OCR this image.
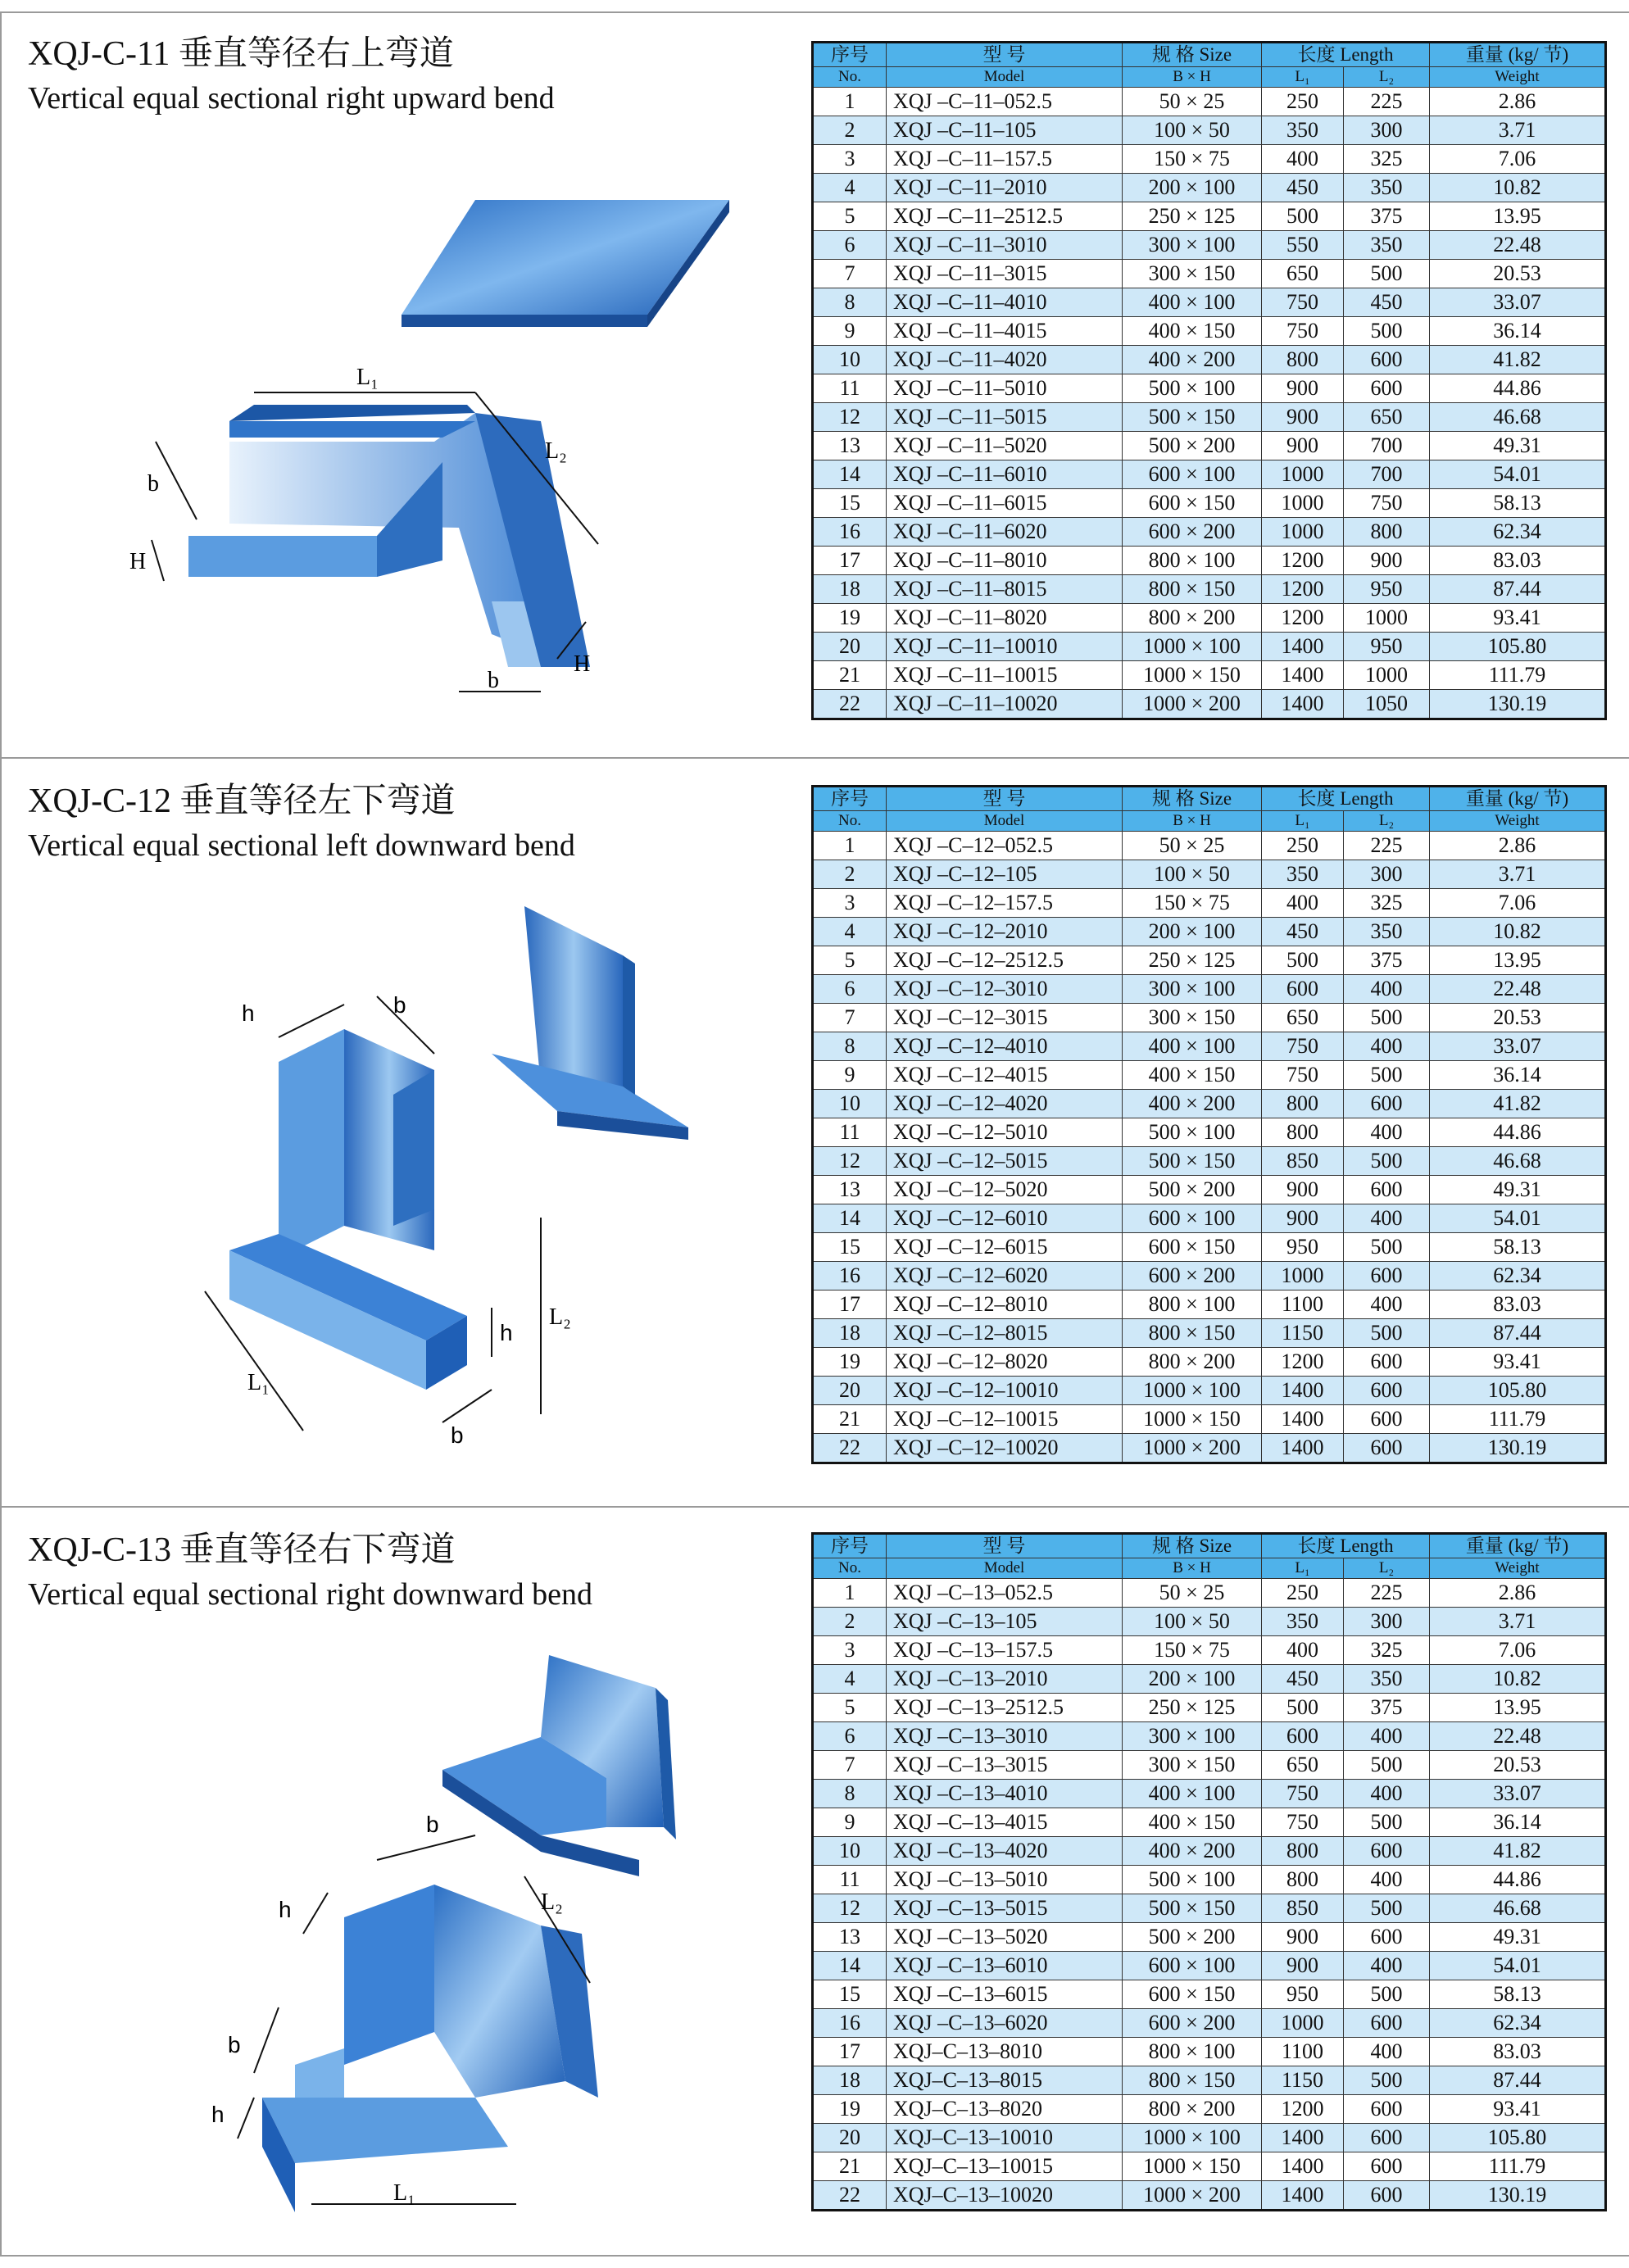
XQJ-C-11 垂直等径右上弯道
Vertical equal sectional right upward bend
L₁
L₂
b
H
b
H
序号	型 号	规 格 Size	长度 Length		重量 (kg/ 节)
No.	Model	B × H	L₁	L₂	Weight
1	XQJ –C–11–052.5	50 × 25	250	225	2.86
2	XQJ –C–11–105	100 × 50	350	300	3.71
3	XQJ –C–11–157.5	150 × 75	400	325	7.06
4	XQJ –C–11–2010	200 × 100	450	350	10.82
5	XQJ –C–11–2512.5	250 × 125	500	375	13.95
6	XQJ –C–11–3010	300 × 100	550	350	22.48
7	XQJ –C–11–3015	300 × 150	650	500	20.53
8	XQJ –C–11–4010	400 × 100	750	450	33.07
9	XQJ –C–11–4015	400 × 150	750	500	36.14
10	XQJ –C–11–4020	400 × 200	800	600	41.82
11	XQJ –C–11–5010	500 × 100	900	600	44.86
12	XQJ –C–11–5015	500 × 150	900	650	46.68
13	XQJ –C–11–5020	500 × 200	900	700	49.31
14	XQJ –C–11–6010	600 × 100	1000	700	54.01
15	XQJ –C–11–6015	600 × 150	1000	750	58.13
16	XQJ –C–11–6020	600 × 200	1000	800	62.34
17	XQJ –C–11–8010	800 × 100	1200	900	83.03
18	XQJ –C–11–8015	800 × 150	1200	950	87.44
19	XQJ –C–11–8020	800 × 200	1200	1000	93.41
20	XQJ –C–11–10010	1000 × 100	1400	950	105.80
21	XQJ –C–11–10015	1000 × 150	1400	1000	111.79
22	XQJ –C–11–10020	1000 × 200	1400	1050	130.19
XQJ-C-12 垂直等径左下弯道
Vertical equal sectional left downward bend
h	b
L₂
L₁
b
h
序号	型 号	规 格 Size	长度 Length		重量 (kg/ 节)
No.	Model	B × H	L₁	L₂	Weight
1	XQJ –C–12–052.5	50 × 25	250	225	2.86
2	XQJ –C–12–105	100 × 50	350	300	3.71
3	XQJ –C–12–157.5	150 × 75	400	325	7.06
4	XQJ –C–12–2010	200 × 100	450	350	10.82
5	XQJ –C–12–2512.5	250 × 125	500	375	13.95
6	XQJ –C–12–3010	300 × 100	600	400	22.48
7	XQJ –C–12–3015	300 × 150	650	500	20.53
8	XQJ –C–12–4010	400 × 100	750	400	33.07
9	XQJ –C–12–4015	400 × 150	750	500	36.14
10	XQJ –C–12–4020	400 × 200	800	600	41.82
11	XQJ –C–12–5010	500 × 100	800	400	44.86
12	XQJ –C–12–5015	500 × 150	850	500	46.68
13	XQJ –C–12–5020	500 × 200	900	600	49.31
14	XQJ –C–12–6010	600 × 100	900	400	54.01
15	XQJ –C–12–6015	600 × 150	950	500	58.13
16	XQJ –C–12–6020	600 × 200	1000	600	62.34
17	XQJ –C–12–8010	800 × 100	1100	400	83.03
18	XQJ –C–12–8015	800 × 150	1150	500	87.44
19	XQJ –C–12–8020	800 × 200	1200	600	93.41
20	XQJ –C–12–10010	1000 × 100	1400	600	105.80
21	XQJ –C–12–10015	1000 × 150	1400	600	111.79
22	XQJ –C–12–10020	1000 × 200	1400	600	130.19
XQJ-C-13 垂直等径右下弯道
Vertical equal sectional right downward bend
b
L₂
h
b
h
L₁
序号	型 号	规 格 Size	长度 Length		重量 (kg/ 节)
No.	Model	B × H	L₁	L₂	Weight
1	XQJ –C–13–052.5	50 × 25	250	225	2.86
2	XQJ –C–13–105	100 × 50	350	300	3.71
3	XQJ –C–13–157.5	150 × 75	400	325	7.06
4	XQJ –C–13–2010	200 × 100	450	350	10.82
5	XQJ –C–13–2512.5	250 × 125	500	375	13.95
6	XQJ –C–13–3010	300 × 100	600	400	22.48
7	XQJ –C–13–3015	300 × 150	650	500	20.53
8	XQJ –C–13–4010	400 × 100	750	400	33.07
9	XQJ –C–13–4015	400 × 150	750	500	36.14
10	XQJ –C–13–4020	400 × 200	800	600	41.82
11	XQJ –C–13–5010	500 × 100	800	400	44.86
12	XQJ –C–13–5015	500 × 150	850	500	46.68
13	XQJ –C–13–5020	500 × 200	900	600	49.31
14	XQJ –C–13–6010	600 × 100	900	400	54.01
15	XQJ –C–13–6015	600 × 150	950	500	58.13
16	XQJ –C–13–6020	600 × 200	1000	600	62.34
17	XQJ–C–13–8010	800 × 100	1100	400	83.03
18	XQJ–C–13–8015	800 × 150	1150	500	87.44
19	XQJ–C–13–8020	800 × 200	1200	600	93.41
20	XQJ–C–13–10010	1000 × 100	1400	600	105.80
21	XQJ–C–13–10015	1000 × 150	1400	600	111.79
22	XQJ–C–13–10020	1000 × 200	1400	600	130.19
